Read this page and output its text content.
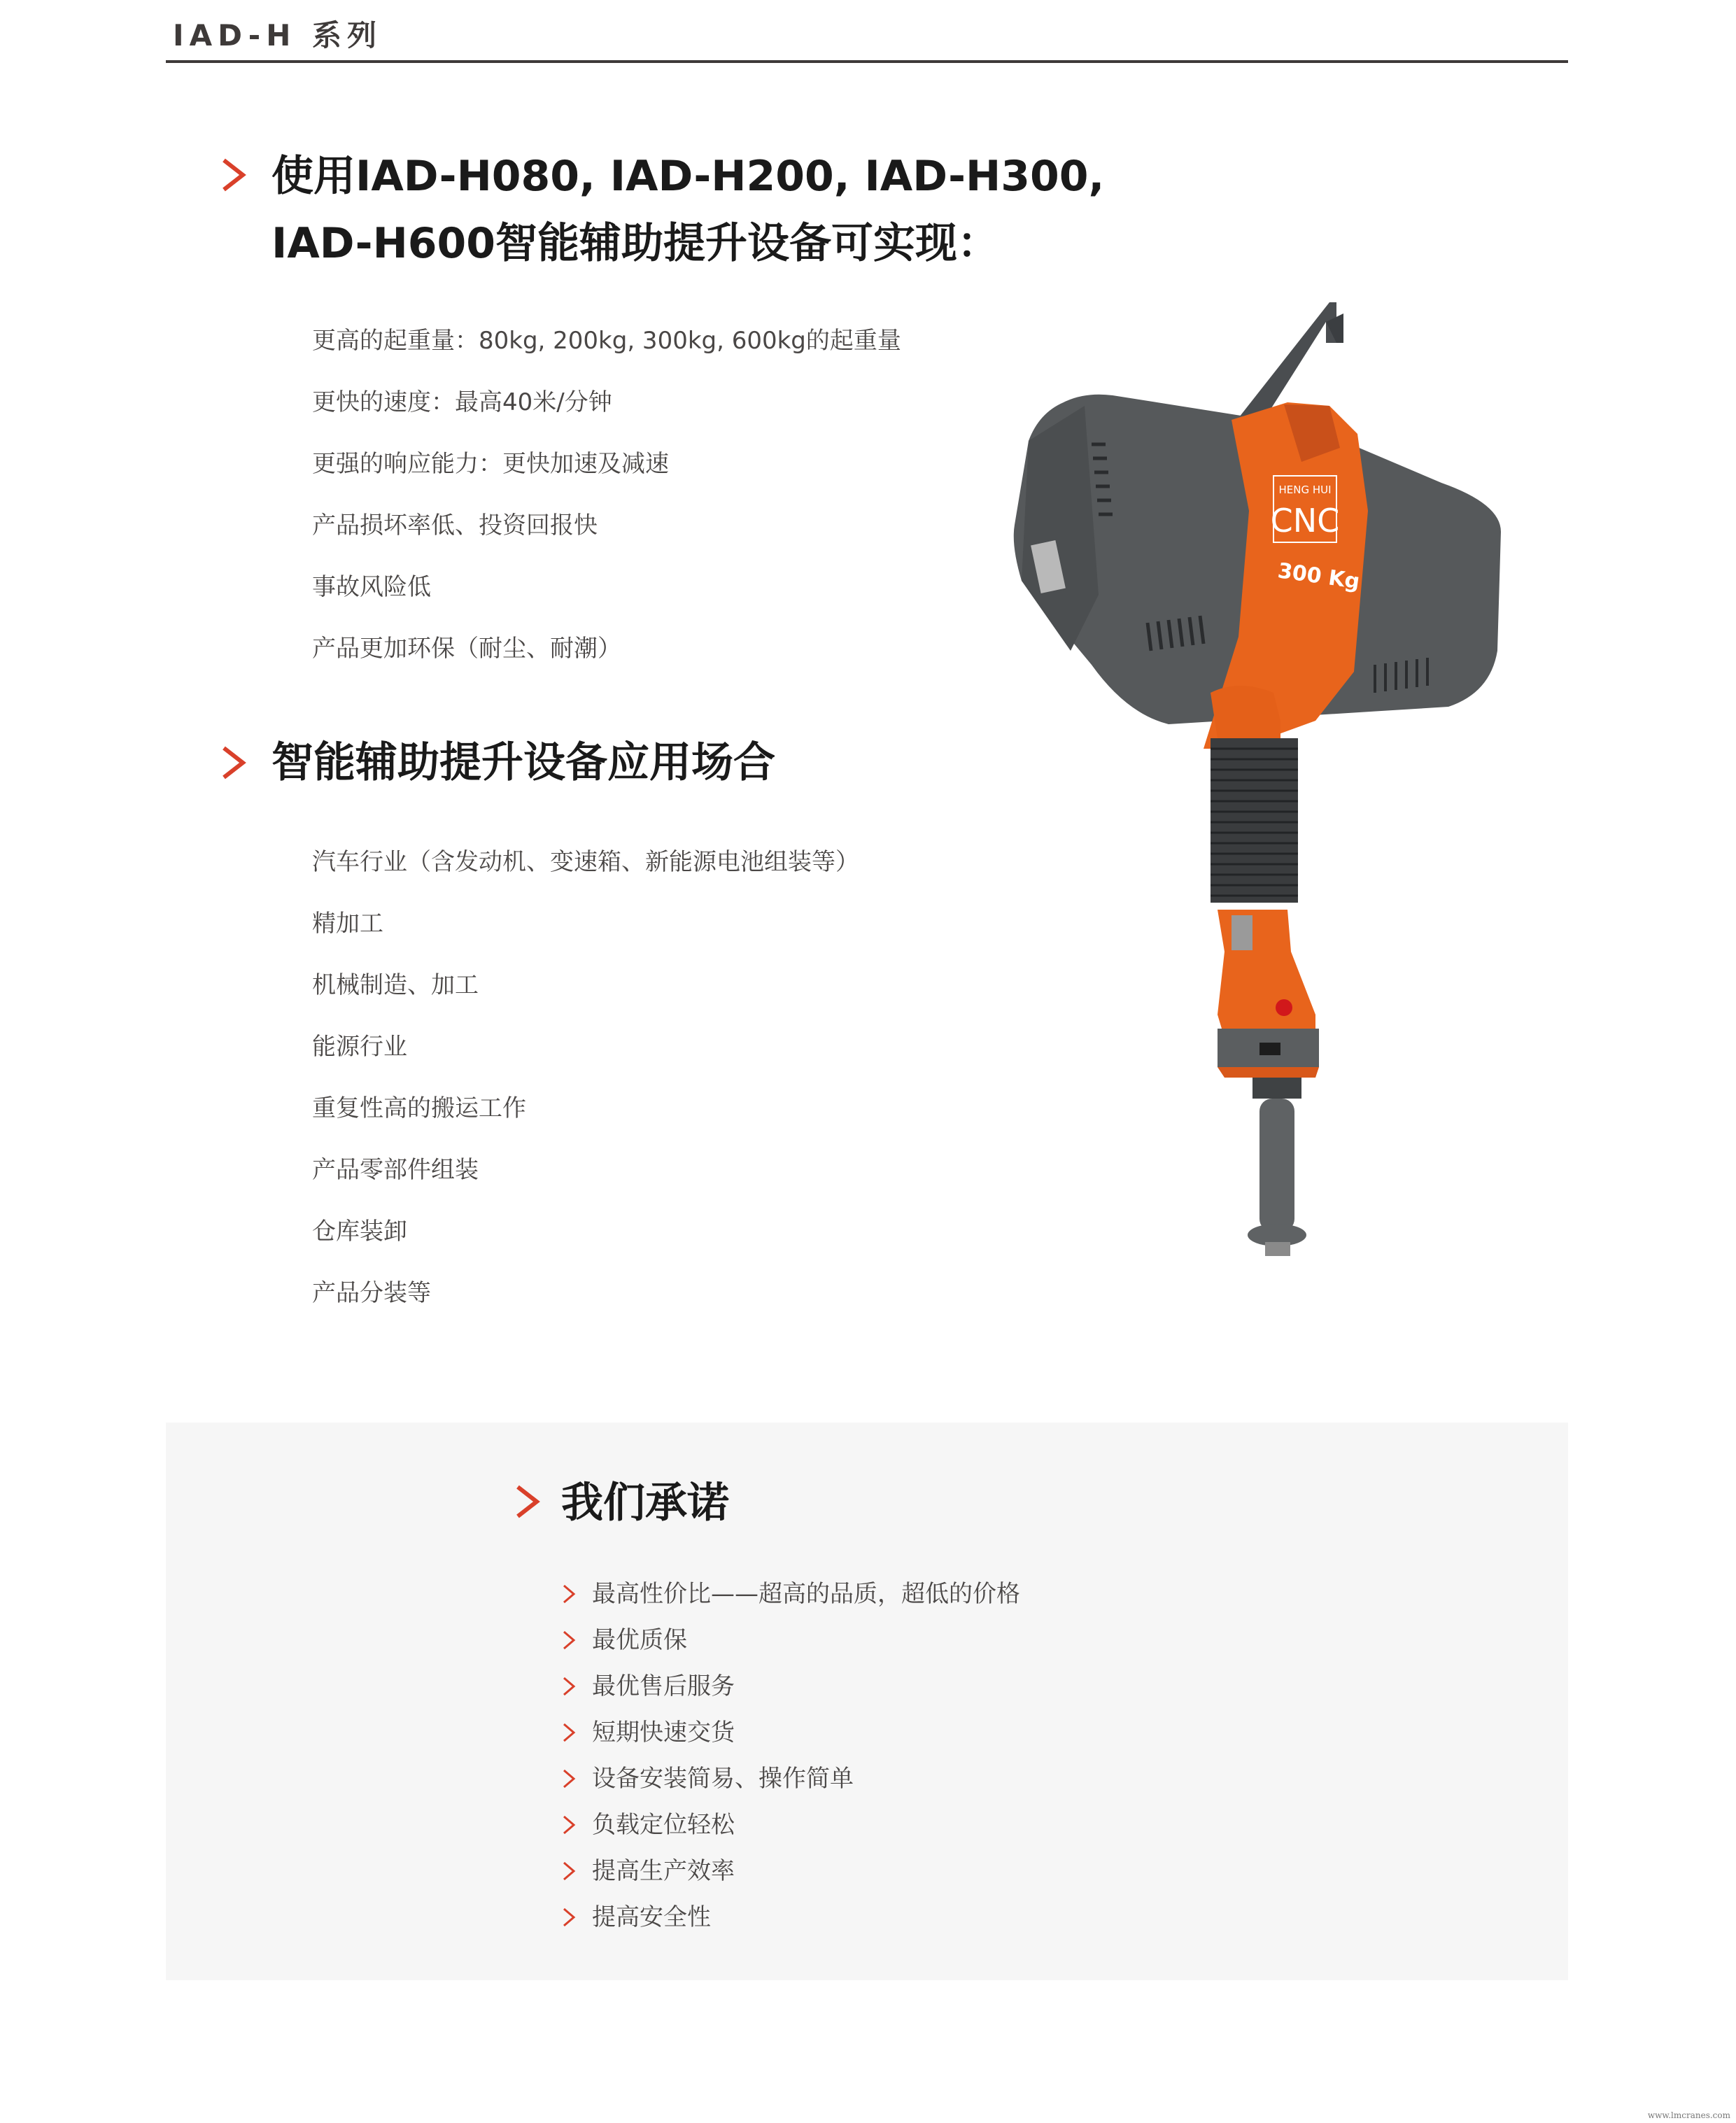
IAD-H 系列
使用IAD-H080, IAD-H200, IAD-H300,
IAD-H600智能辅助提升设备可实现：
更高的起重量：80kg, 200kg, 300kg, 600kg的起重量
更快的速度：最高40米/分钟
更强的响应能力：更快加速及减速
产品损坏率低、投资回报快
事故风险低
产品更加环保（耐尘、耐潮）
智能辅助提升设备应用场合
汽车行业（含发动机、变速箱、新能源电池组装等）
精加工
机械制造、加工
能源行业
重复性高的搬运工作
产品零部件组装
仓库装卸
产品分装等
HENG HUI
CNC
300 Kg
我们承诺
最高性价比——超高的品质，超低的价格
最优质保
最优售后服务
短期快速交货
设备安装简易、操作简单
负载定位轻松
提高生产效率
提高安全性
www.lmcranes.com
